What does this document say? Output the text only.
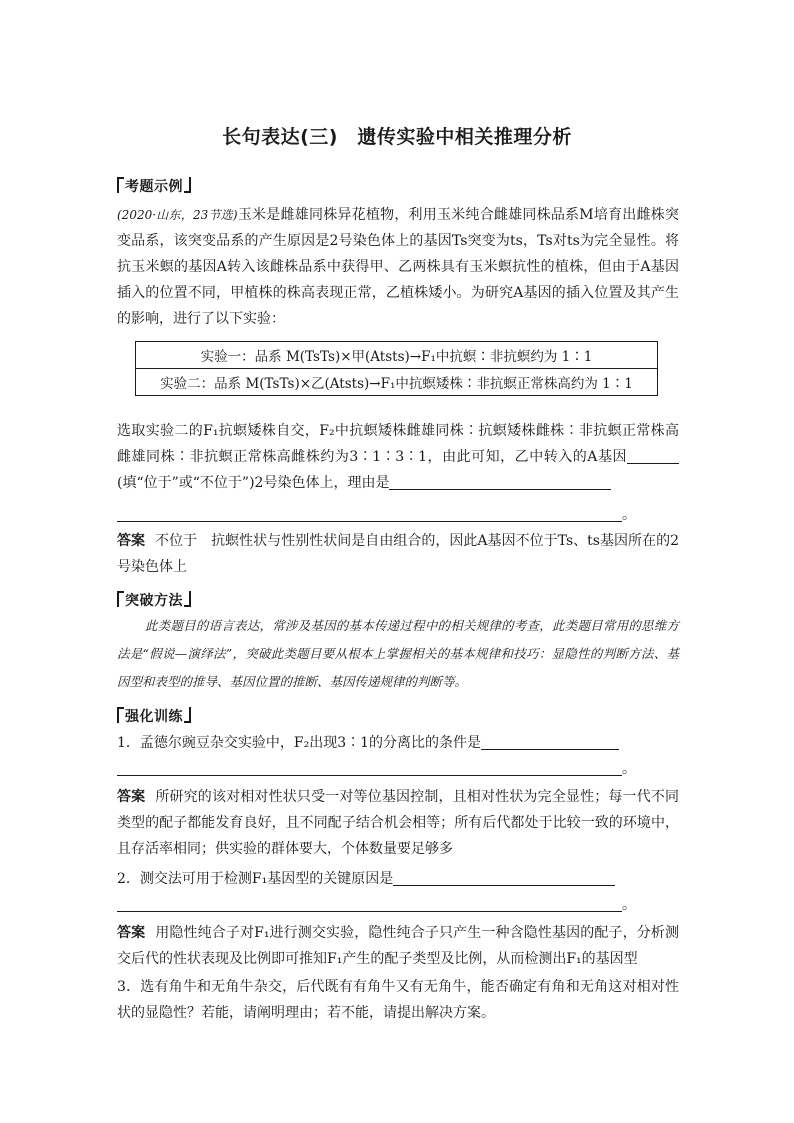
长句表达(三)　遗传实验中相关推理分析
考题示例
(2020·山东，23节选)玉米是雌雄同株异花植物，利用玉米纯合雌雄同株品系M培育出雌株突变品系，该突变品系的产生原因是2号染色体上的基因Ts突变为ts，Ts对ts为完全显性。将抗玉米螟的基因A转入该雌株品系中获得甲、乙两株具有玉米螟抗性的植株，但由于A基因插入的位置不同，甲植株的株高表现正常，乙植株矮小。为研究A基因的插入位置及其产生的影响，进行了以下实验：
实验一：品系 M(TsTs)×甲(Atsts)→F₁中抗螟∶非抗螟约为 1∶1
实验二：品系 M(TsTs)×乙(Atsts)→F₁中抗螟矮株∶非抗螟正常株高约为 1∶1
选取实验二的F₁抗螟矮株自交，F₂中抗螟矮株雌雄同株∶抗螟矮株雌株∶非抗螟正常株高雌雄同株∶非抗螟正常株高雌株约为3∶1∶3∶1，由此可知，乙中转入的A基因(填“位于”或“不位于”)2号染色体上，理由是
。
答案 不位于　抗螟性状与性别性状间是自由组合的，因此A基因不位于Ts、ts基因所在的2号染色体上
突破方法
此类题目的语言表达，常涉及基因的基本传递过程中的相关规律的考查，此类题目常用的思维方法是“假说—演绎法”，突破此类题目要从根本上掌握相关的基本规律和技巧：显隐性的判断方法、基因型和表型的推导、基因位置的推断、基因传递规律的判断等。
强化训练
1．孟德尔豌豆杂交实验中，F₂出现3∶1的分离比的条件是
。
答案 所研究的该对相对性状只受一对等位基因控制，且相对性状为完全显性；每一代不同类型的配子都能发育良好，且不同配子结合机会相等；所有后代都处于比较一致的环境中，且存活率相同；供实验的群体要大，个体数量要足够多
2．测交法可用于检测F₁基因型的关键原因是
。
答案 用隐性纯合子对F₁进行测交实验，隐性纯合子只产生一种含隐性基因的配子，分析测交后代的性状表现及比例即可推知F₁产生的配子类型及比例，从而检测出F₁的基因型
3．选有角牛和无角牛杂交，后代既有有角牛又有无角牛，能否确定有角和无角这对相对性状的显隐性？若能，请阐明理由；若不能，请提出解决方案。
